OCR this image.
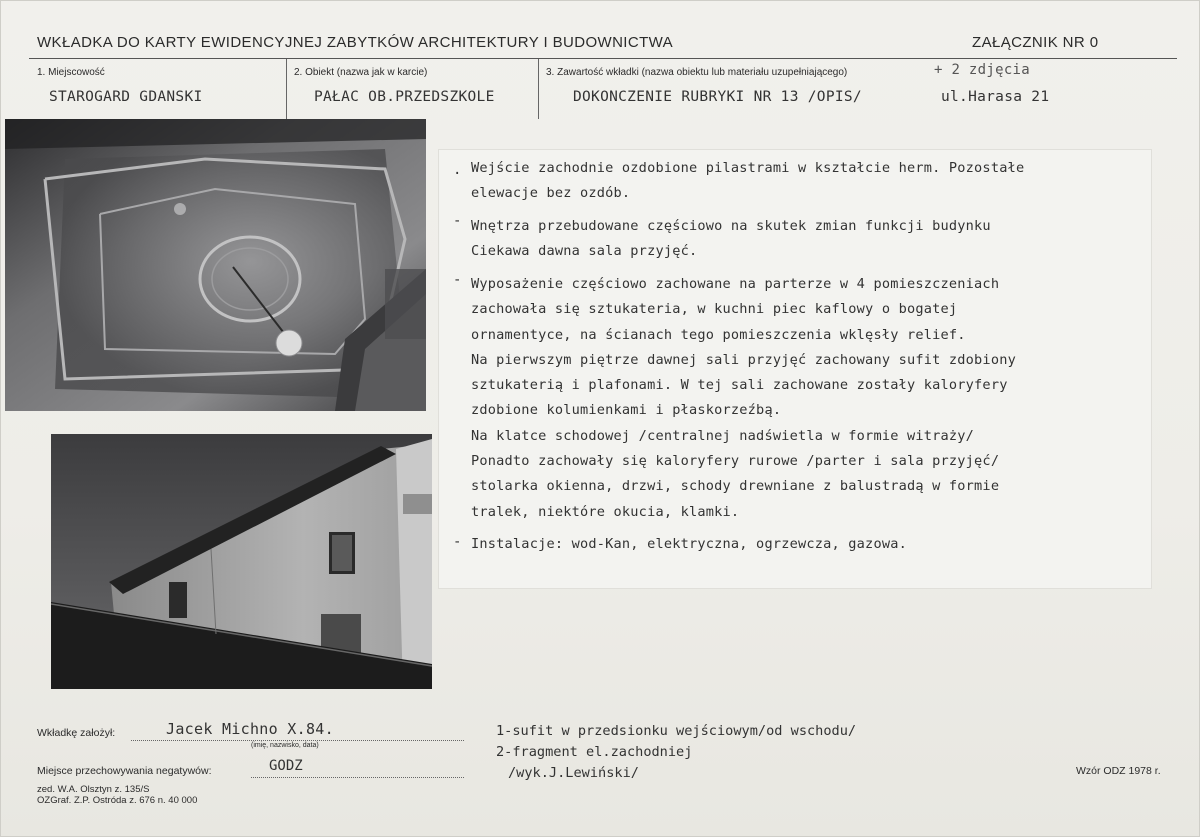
WKŁADKA DO KARTY EWIDENCYJNEJ ZABYTKÓW ARCHITEKTURY I BUDOWNICTWA	ZAŁĄCZNIK NR 0
1. Miejscowość
STAROGARD GDANSKI
2. Obiekt (nazwa jak w karcie)
PAŁAC OB.PRZEDSZKOLE
3. Zawartość wkładki (nazwa obiektu lub materiału uzupełniającego)	+ 2 zdjęcia
DOKONCZENIE RUBRYKI NR 13 /OPIS/	ul.Harasa 21
. Wejście zachodnie ozdobione pilastrami w kształcie herm. Pozostałe
elewacje bez ozdób.
- Wnętrza przebudowane częściowo na skutek zmian funkcji budynku
Ciekawa dawna sala przyjęć.
- Wyposażenie częściowo zachowane na parterze w 4 pomieszczeniach
zachowała się sztukateria, w kuchni piec kaflowy o bogatej
ornamentyce, na ścianach tego pomieszczenia wklęsły relief.
Na pierwszym piętrze dawnej sali przyjęć zachowany sufit zdobiony
sztukaterią i plafonami. W tej sali zachowane zostały kaloryfery
zdobione kolumienkami i płaskorzeźbą.
Na klatce schodowej /centralnej nadświetla w formie witraży/
Ponadto zachowały się kaloryfery rurowe /parter i sala przyjęć/
stolarka okienna, drzwi, schody drewniane z balustradą w formie
tralek, niektóre okucia, klamki.
- Instalacje: wod-Kan, elektryczna, ogrzewcza, gazowa.
Wkładkę założył:	Jacek Michno X.84.
(imię, nazwisko, data)
Miejsce przechowywania negatywów:	GODZ
zed. W.A. Olsztyn z. 135/S
OZGraf. Z.P. Ostróda z. 676 n. 40 000
1-sufit w przedsionku wejściowym/od wschodu/
2-fragment el.zachodniej
/wyk.J.Lewiński/	Wzór ODZ 1978 r.
